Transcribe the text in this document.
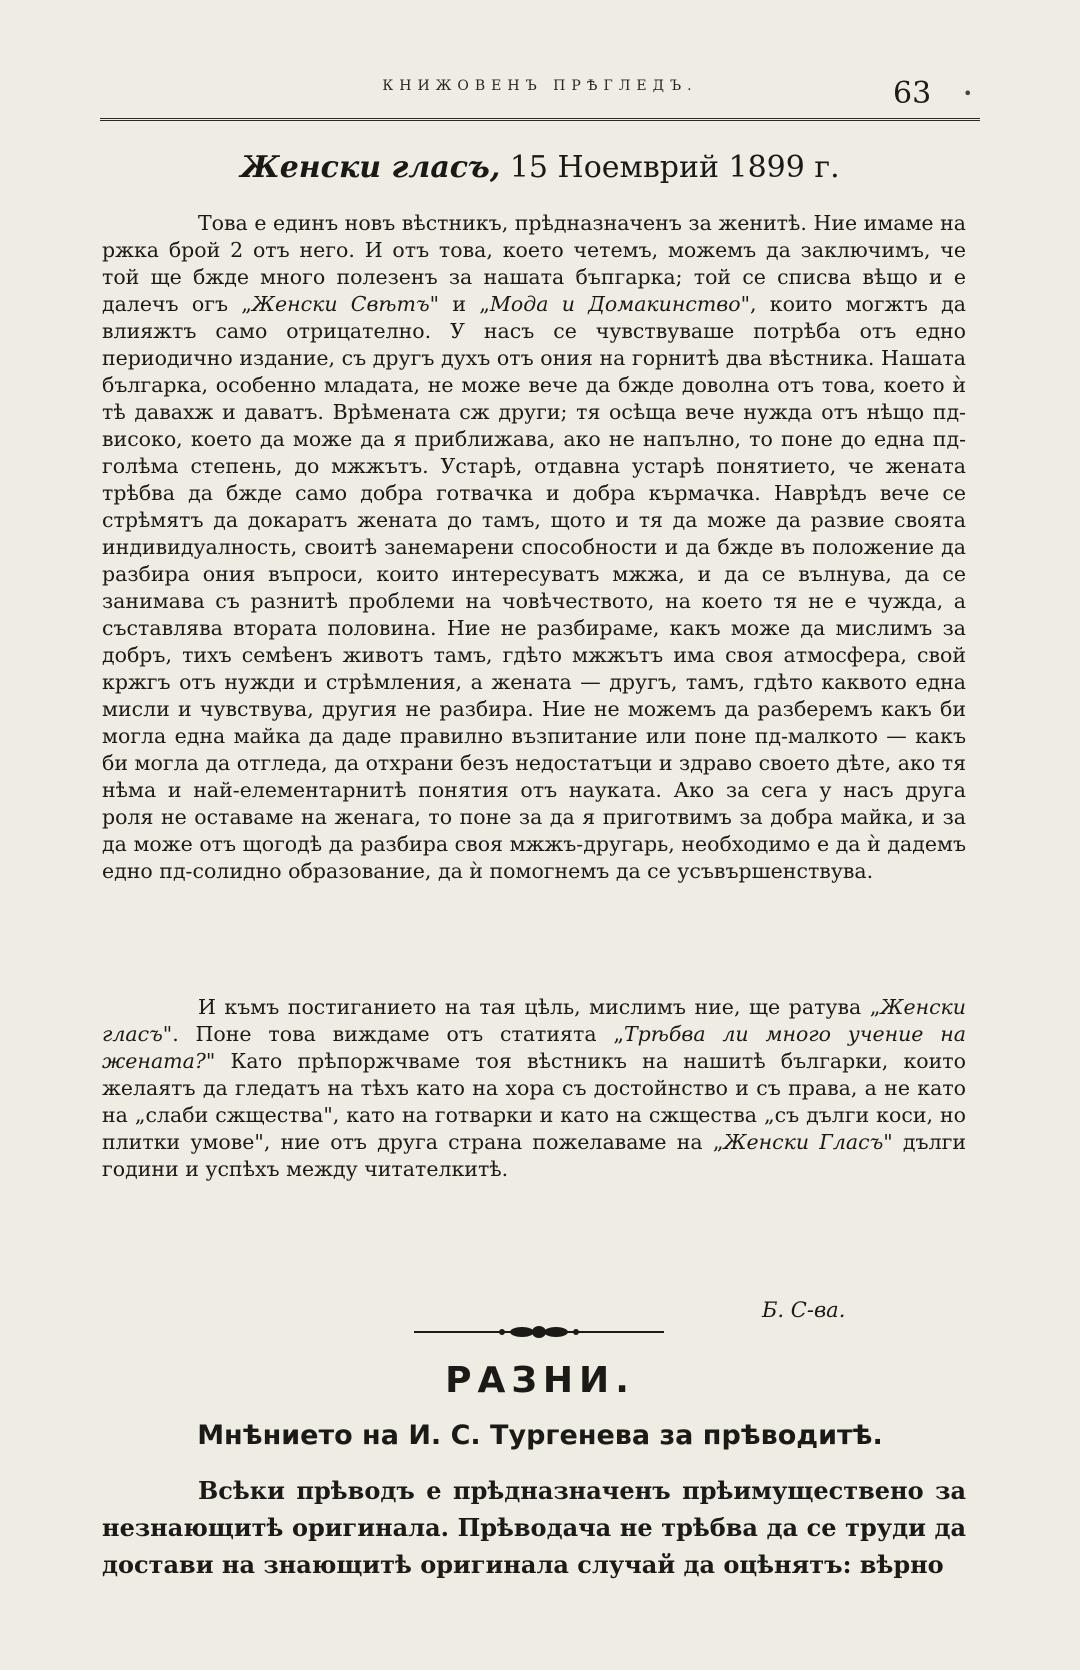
КНИЖОВЕНЪ ПРѢГЛЕДЪ.	63 •
Женски гласъ, 15 Ноемврий 1899 г.

Това е единъ новъ вѣстникъ, прѣдназначенъ за женитѣ. Ние имаме на ржка брой 2 отъ него. И отъ това, което четемъ, можемъ да заключимъ, че той ще бжде много полезенъ за нашата бъпгарка; той се списва вѣщо и е далечъ огъ „Женски Свѣтъ" и „Мода и Домакинство", които могжтъ да влияжтъ само отрицателно. У насъ се чувствуваше потрѣба отъ едно периодично издание, съ другъ духъ отъ ония на горнитѣ два вѣстника. Нашата българка, особенно младата, не може вече да бжде доволна отъ това, което ѝ тѣ давахж и даватъ. Врѣмената сж други; тя осѣща вече нужда отъ нѣщо пд-високо, което да може да я приближава, ако не напълно, то поне до една пд-голѣма степень, до мжжътъ. Устарѣ, отдавна устарѣ понятието, че жената трѣбва да бжде само добра готвачка и добра кърмачка. Наврѣдъ вече се стрѣмятъ да докаратъ жената до тамъ, щото и тя да може да развие своята индивидуалность, своитѣ занемарени способности и да бжде въ положение да разбира ония въпроси, които интересуватъ мжжа, и да се вълнува, да се занимава съ разнитѣ проблеми на човѣчеството, на което тя не е чужда, а съставлява втората половина. Ние не разбираме, какъ може да мислимъ за добръ, тихъ семѣенъ животъ тамъ, гдѣто мжжътъ има своя атмосфера, свой кржгъ отъ нужди и стрѣмления, а жената — другъ, тамъ, гдѣто каквото една мисли и чувствува, другия не разбира. Ние не можемъ да разберемъ какъ би могла една майка да даде правилно възпитание или поне пд-малкото — какъ би могла да отгледа, да отхрани безъ недостатъци и здраво своето дѣте, ако тя нѣма и най-елементарнитѣ понятия отъ науката. Ако за сега у насъ друга роля не оставаме на женага, то поне за да я приготвимъ за добра майка, и за да може отъ щогодѣ да разбира своя мжжъ-другарь, необходимо е да ѝ дадемъ едно пд-солидно образование, да ѝ помогнемъ да се усъвършенствува.

И къмъ постиганието на тая цѣль, мислимъ ние, ще ратува „Женски гласъ". Поне това виждаме отъ статията „Трѣбва ли много учение на жената?" Като прѣпоржчваме тоя вѣстникъ на нашитѣ българки, които желаятъ да гледатъ на тѣхъ като на хора съ достойнство и съ права, а не като на „слаби сжщества", като на готварки и като на сжщества „съ дълги коси, но плитки умове", ние отъ друга страна пожелаваме на „Женски Гласъ" дълги години и успѣхъ между читателкитѣ.

Б. С-ва.
РАЗНИ.
Мнѣнието на И. С. Тургенева за прѣводитѣ.

Всѣки прѣводъ е прѣдназначенъ прѣимуществено за незнающитѣ оригинала. Прѣводача не трѣбва да се труди да достави на знающитѣ оригинала случай да оцѣнятъ: вѣрно
